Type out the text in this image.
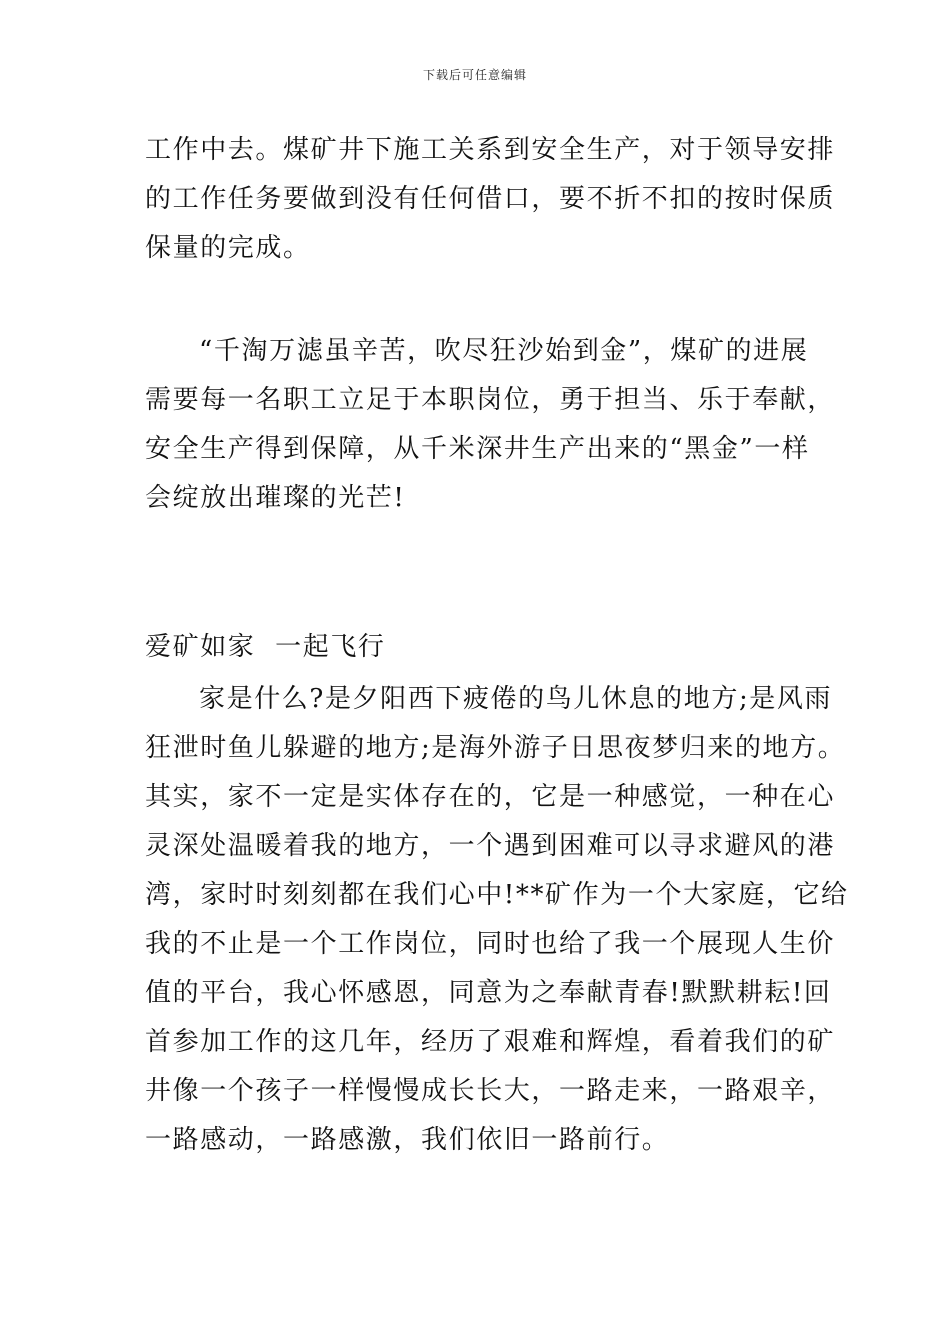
下载后可任意编辑
工作中去。煤矿井下施工关系到安全生产，对于领导安排
的工作任务要做到没有任何借口，要不折不扣的按时保质
保量的完成。
“千淘万滤虽辛苦，吹尽狂沙始到金”，煤矿的进展
需要每一名职工立足于本职岗位，勇于担当、乐于奉献，
安全生产得到保障，从千米深井生产出来的“黑金”一样
会绽放出璀璨的光芒!
爱矿如家  一起飞行
家是什么?是夕阳西下疲倦的鸟儿休息的地方;是风雨
狂泄时鱼儿躲避的地方;是海外游子日思夜梦归来的地方。
其实，家不一定是实体存在的，它是一种感觉，一种在心
灵深处温暖着我的地方，一个遇到困难可以寻求避风的港
湾，家时时刻刻都在我们心中!**矿作为一个大家庭，它给
我的不止是一个工作岗位，同时也给了我一个展现人生价
值的平台，我心怀感恩，同意为之奉献青春!默默耕耘!回
首参加工作的这几年，经历了艰难和辉煌，看着我们的矿
井像一个孩子一样慢慢成长长大，一路走来，一路艰辛，
一路感动，一路感激，我们依旧一路前行。
